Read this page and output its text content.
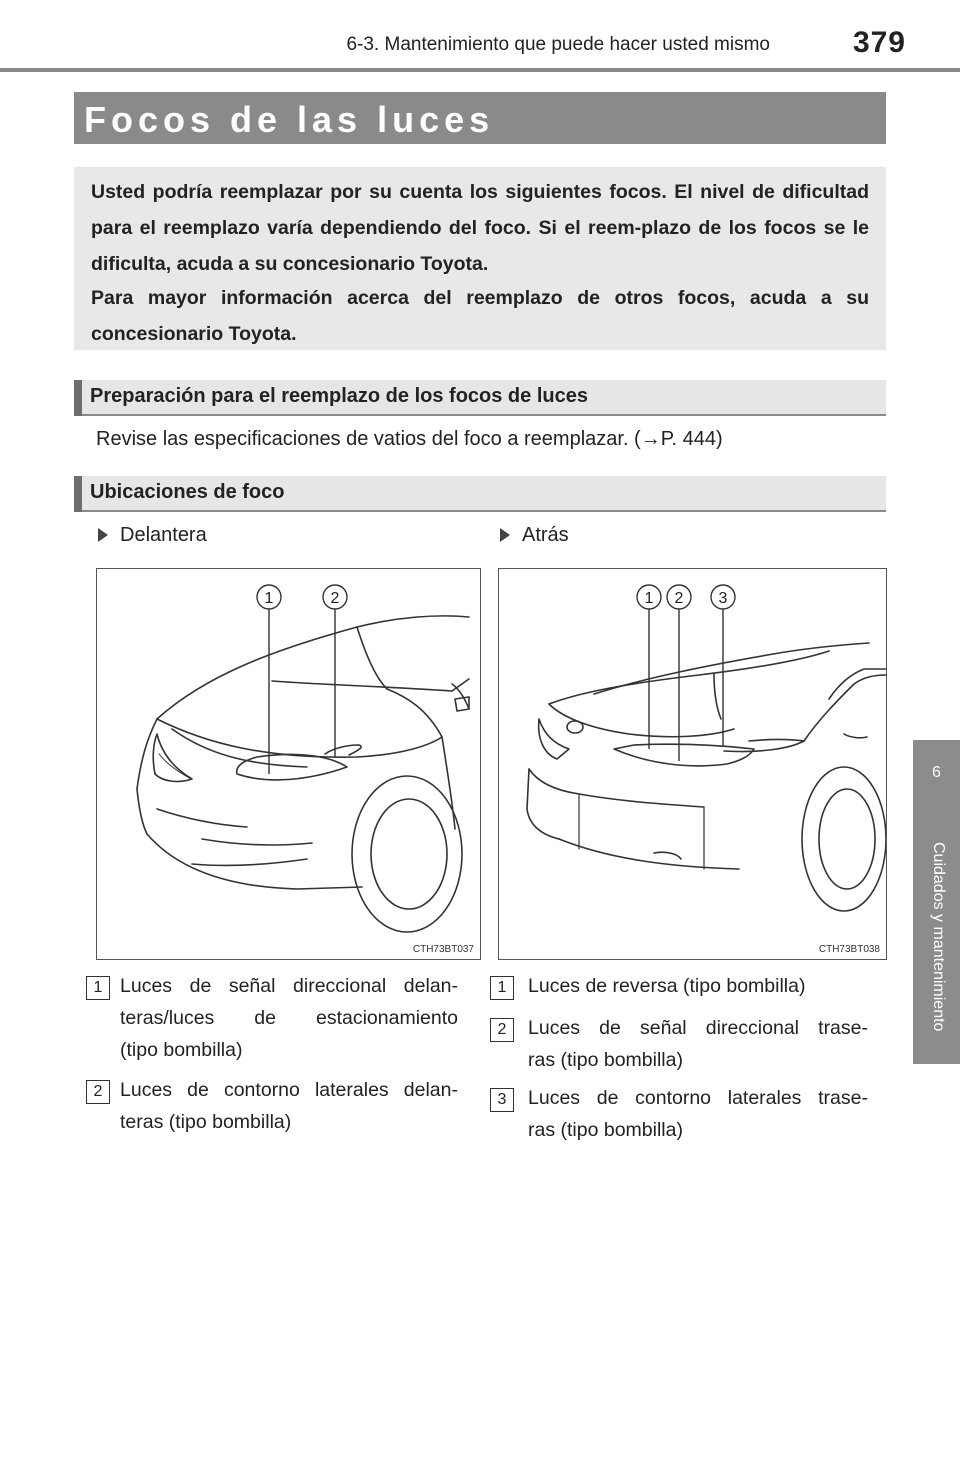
6-3. Mantenimiento que puede hacer usted mismo	379
6
Cuidados y mantenimiento
Focos de las luces
Usted podría reemplazar por su cuenta los siguientes focos. El nivel de dificultad para el reemplazo varía dependiendo del foco. Si el reem-plazo de los focos se le dificulta, acuda a su concesionario Toyota.
Para mayor información acerca del reemplazo de otros focos, acuda a su concesionario Toyota.
Preparación para el reemplazo de los focos de luces
Revise las especificaciones de vatios del foco a reemplazar. (→P. 444)
Ubicaciones de foco
Delantera	Atrás
1	2
CTH73BT037
1 2 3
CTH73BT038
1 Luces de señal direccional delan-
teras/luces de estacionamiento
(tipo bombilla)
2 Luces de contorno laterales delan-
teras (tipo bombilla)
1	Luces de reversa (tipo bombilla)
2	Luces de señal direccional trase-
ras (tipo bombilla)
3	Luces de contorno laterales trase-
ras (tipo bombilla)
